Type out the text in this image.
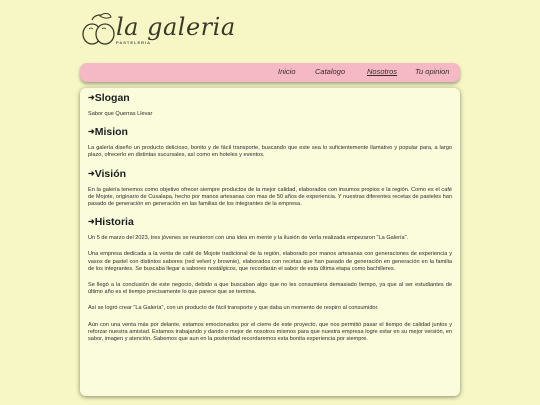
la galeria
PASTELERIA
Inicio	Catalogo	Nosotros Tu opinion
➜Slogan

Sabor que Querras Llevar

➜Mision

La galería diseño un producto delicioso, bonito y de fácil transporte, buscando que este sea lo suficientemente llamativo y popular para, a largo plazo, ofrecerlo en distintas sucursales, así como en hoteles y eventos.

➜Visión

En la galería tenemos como objetivo ofrecer siempre productos de la mejor calidad, elaborados con insumos propios e la región. Como es el café de Mojote, originario de Cusalapa, hecho por manos artesanas con mas de 50 años de experiencia. Y nuestras diferentes recetas de pasteles han pasado de generación en generación en las familias de los integrantes de la empresa.

➜Historia

Un 5 de marzo del 2023, tres jóvenes se reunieron con una idea en mente y la ilusión de verla realizada empezaron "La Galería".

Una empresa dedicada a la venta de café de Mojote tradicional de la región, elaborado por manos artesanas con generaciones de experiencia y vasos de pastel con distintos sabores (red velvet y brownie), elaborados con recetas que han pasado de generación en generación en la familia de los integrantes. Se buscaba llegar a sabores nostálgicos, que recordarán el sabor de esta última etapa como bachilleres.

Se llegó a la conclusión de este negocio, debido a que buscaban algo que no les consumiera demasiado tiempo, ya que al ser estudiantes de último año es el tiempo precisamente lo que parece que se termina.

Así se logró crear "La Galería", con un producto de fácil transporte y que daba un momento de respiro al consumidor.

Aún con una venta más por delante, estamos emocionados por el cierre de este proyecto, que nos permitió pasar el tiempo de calidad juntos y reforzar nuestra amistad. Estamos trabajando y dando o mejor de nosotros mismos para que nuestra empresa logre estar en su mejor versión, en sabor, imagen y atención. Sabemos que aun en la posteridad recordaremos esta bonita experiencia por siempre.
